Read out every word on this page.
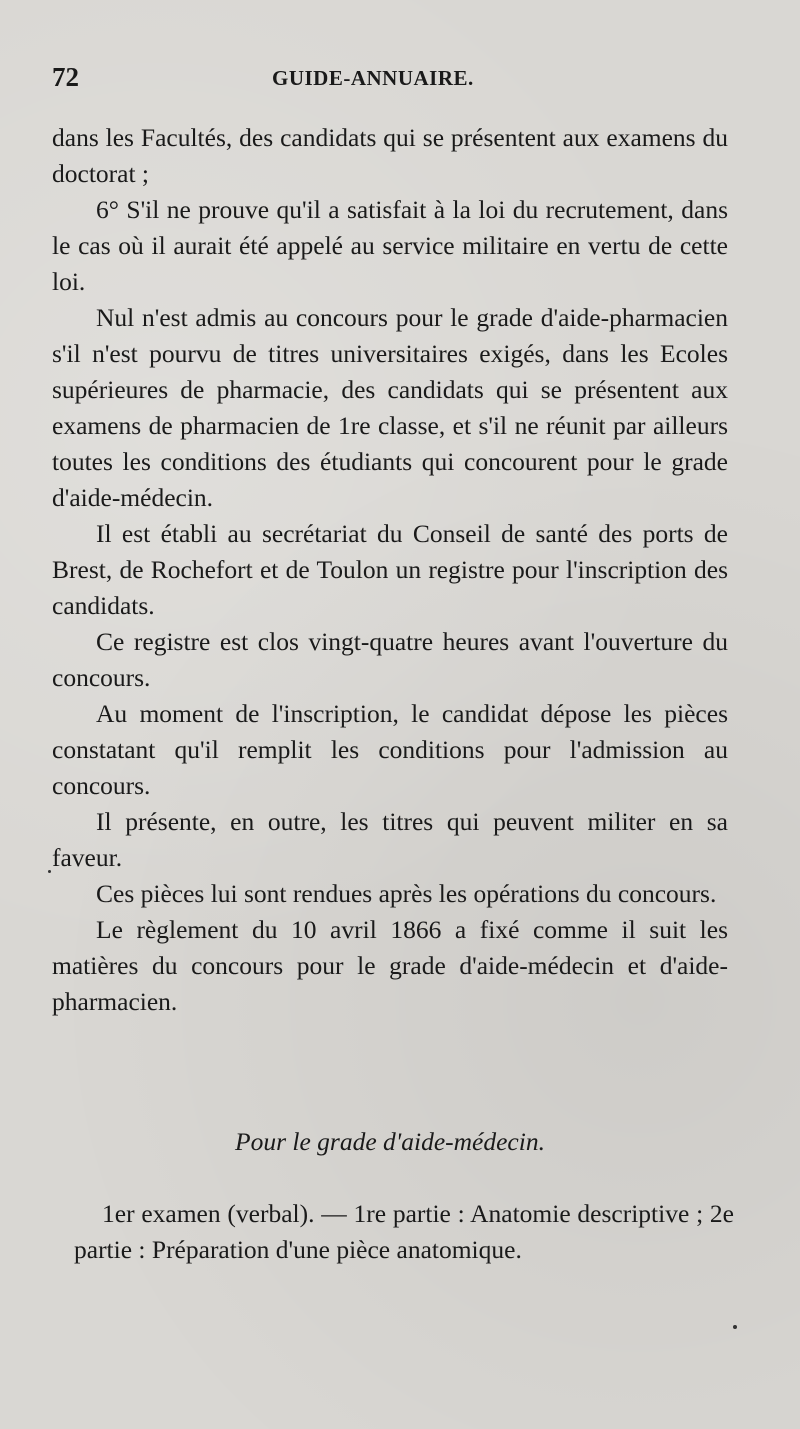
72	GUIDE-ANNUAIRE.

dans les Facultés, des candidats qui se présentent aux examens du doctorat ;

6° S'il ne prouve qu'il a satisfait à la loi du recrutement, dans le cas où il aurait été appelé au service militaire en vertu de cette loi.

Nul n'est admis au concours pour le grade d'aide-pharmacien s'il n'est pourvu de titres universitaires exigés, dans les Ecoles supérieures de pharmacie, des candidats qui se présentent aux examens de pharmacien de 1re classe, et s'il ne réunit par ailleurs toutes les conditions des étudiants qui concourent pour le grade d'aide-médecin.

Il est établi au secrétariat du Conseil de santé des ports de Brest, de Rochefort et de Toulon un registre pour l'inscription des candidats.

Ce registre est clos vingt-quatre heures avant l'ouverture du concours.

Au moment de l'inscription, le candidat dépose les pièces constatant qu'il remplit les conditions pour l'admission au concours.

Il présente, en outre, les titres qui peuvent militer en sa faveur.

Ces pièces lui sont rendues après les opérations du concours.

Le règlement du 10 avril 1866 a fixé comme il suit les matières du concours pour le grade d'aide-médecin et d'aide-pharmacien.

Pour le grade d'aide-médecin.

1er examen (verbal). — 1re partie : Anatomie descriptive ; 2e partie : Préparation d'une pièce anatomique.
